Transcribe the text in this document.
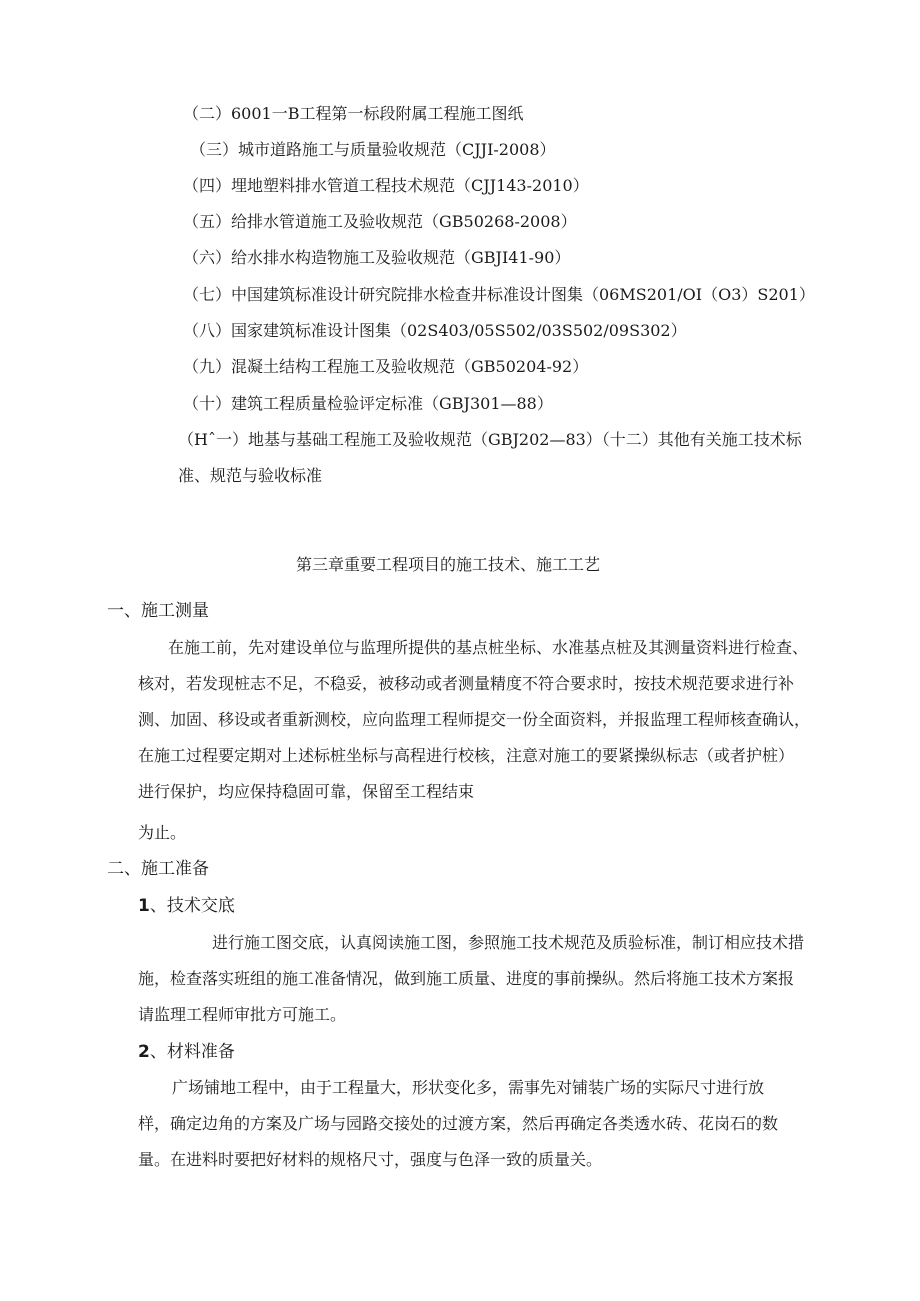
（二）6001一B工程第一标段附属工程施工图纸
（三）城市道路施工与质量验收规范（CJJI-2008）
（四）埋地塑料排水管道工程技术规范（CJJ143-2010）
（五）给排水管道施工及验收规范（GB50268-2008）
（六）给水排水构造物施工及验收规范（GBJI41-90）
（七）中国建筑标准设计研究院排水检查井标准设计图集（06MS201/OI（O3）S201）
（八）国家建筑标准设计图集（02S403/05S502/03S502/09S302）
（九）混凝土结构工程施工及验收规范（GB50204-92）
（十）建筑工程质量检验评定标准（GBJ301—88）
（Hˆ一）地基与基础工程施工及验收规范（GBJ202—83）（十二）其他有关施工技术标
准、规范与验收标准
第三章重要工程项目的施工技术、施工工艺
一、施工测量
在施工前，先对建设单位与监理所提供的基点桩坐标、水准基点桩及其测量资料进行检查、
核对，若发现桩志不足，不稳妥，被移动或者测量精度不符合要求时，按技术规范要求进行补
测、加固、移设或者重新测校，应向监理工程师提交一份全面资料，并报监理工程师核查确认，
在施工过程要定期对上述标桩坐标与高程进行校核，注意对施工的要紧操纵标志（或者护桩）
进行保护，均应保持稳固可靠，保留至工程结束
为止。
二、施工准备
1、技术交底
进行施工图交底，认真阅读施工图，参照施工技术规范及质验标准，制订相应技术措
施，检查落实班组的施工准备情况，做到施工质量、进度的事前操纵。然后将施工技术方案报
请监理工程师审批方可施工。
2、材料准备
广场铺地工程中，由于工程量大，形状变化多，需事先对铺装广场的实际尺寸进行放
样，确定边角的方案及广场与园路交接处的过渡方案，然后再确定各类透水砖、花岗石的数
量。在进料时要把好材料的规格尺寸，强度与色泽一致的质量关。
